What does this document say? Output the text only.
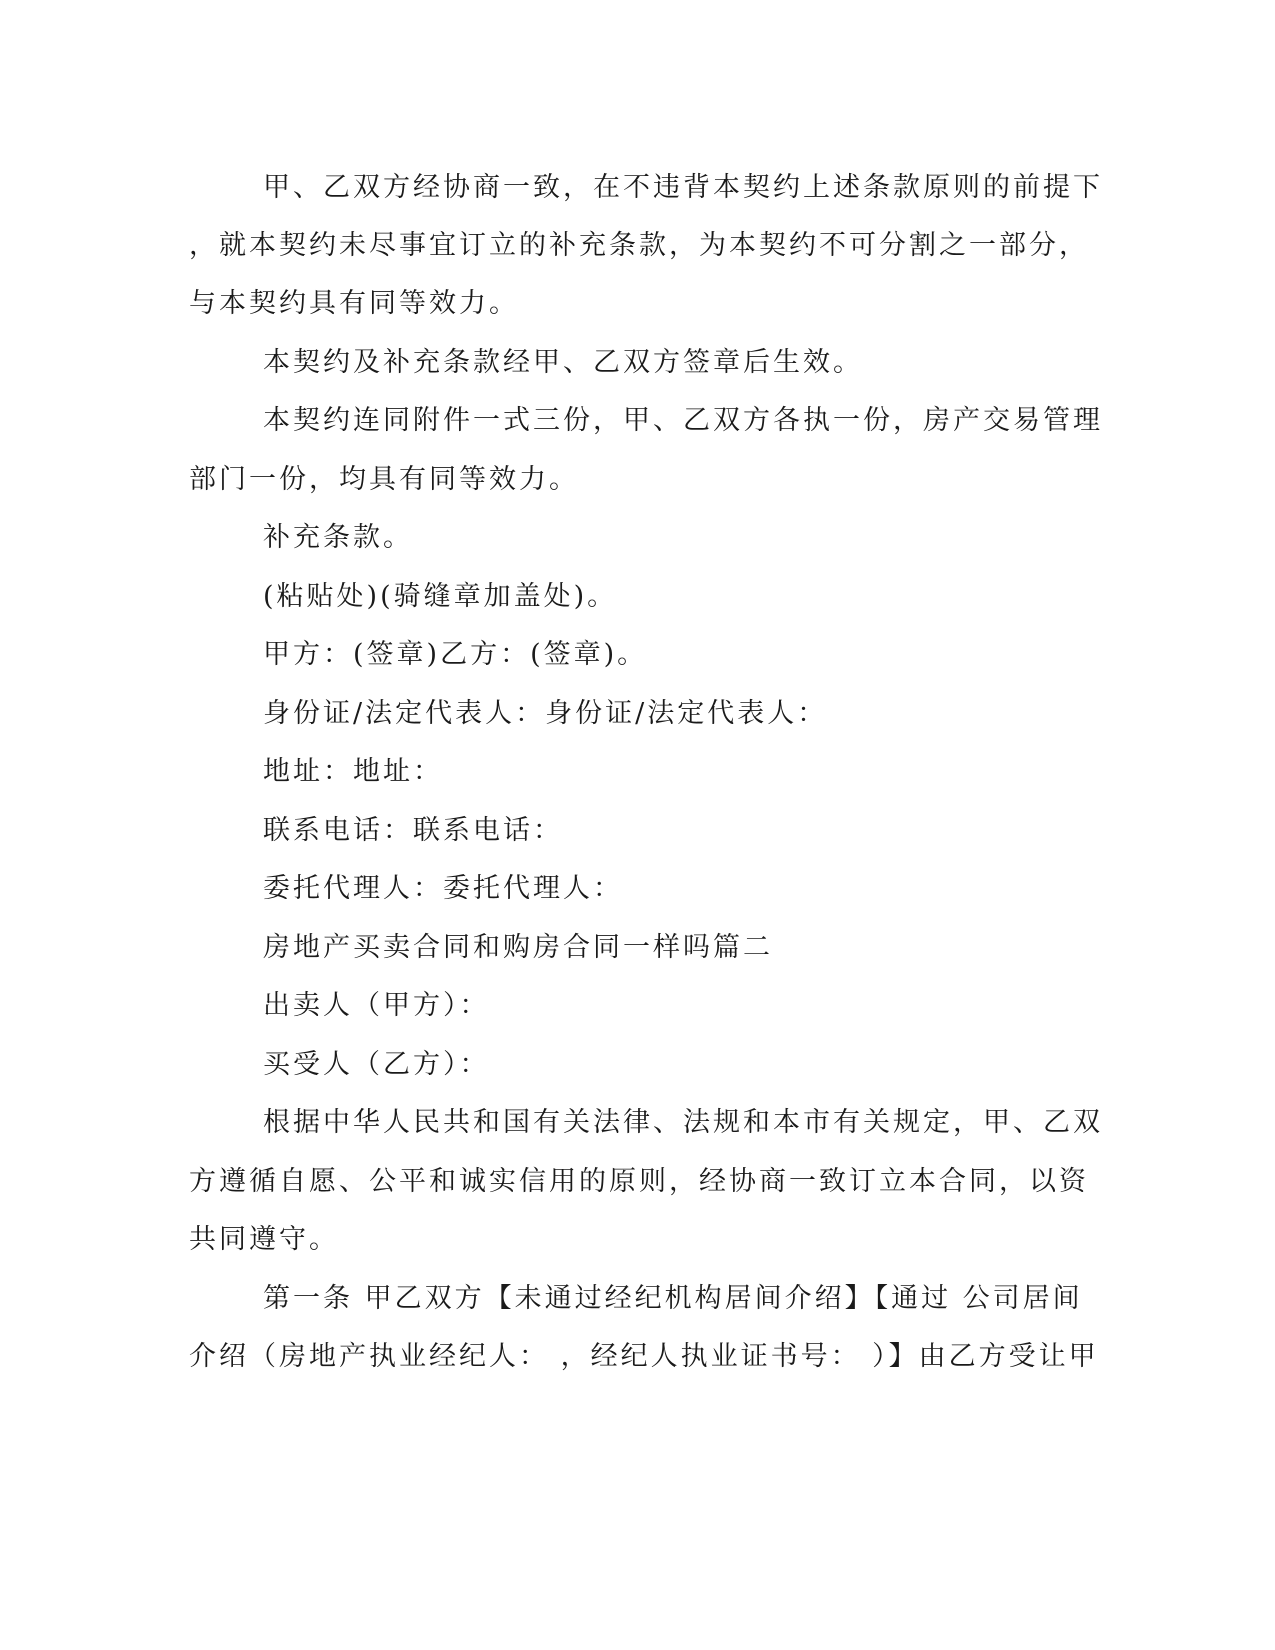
甲、乙双方经协商一致，在不违背本契约上述条款原则的前提下
，就本契约未尽事宜订立的补充条款，为本契约不可分割之一部分，
与本契约具有同等效力。
本契约及补充条款经甲、乙双方签章后生效。
本契约连同附件一式三份，甲、乙双方各执一份，房产交易管理
部门一份，均具有同等效力。
补充条款。
(粘贴处)(骑缝章加盖处)。
甲方：(签章)乙方：(签章)。
身份证/法定代表人：身份证/法定代表人：
地址：地址：
联系电话：联系电话：
委托代理人：委托代理人：
房地产买卖合同和购房合同一样吗篇二
出卖人（甲方）：
买受人（乙方）：
根据中华人民共和国有关法律、法规和本市有关规定，甲、乙双
方遵循自愿、公平和诚实信用的原则，经协商一致订立本合同，以资
共同遵守。
第一条 甲乙双方【未通过经纪机构居间介绍】【通过 公司居间
介绍（房地产执业经纪人： ，经纪人执业证书号： ）】由乙方受让甲
